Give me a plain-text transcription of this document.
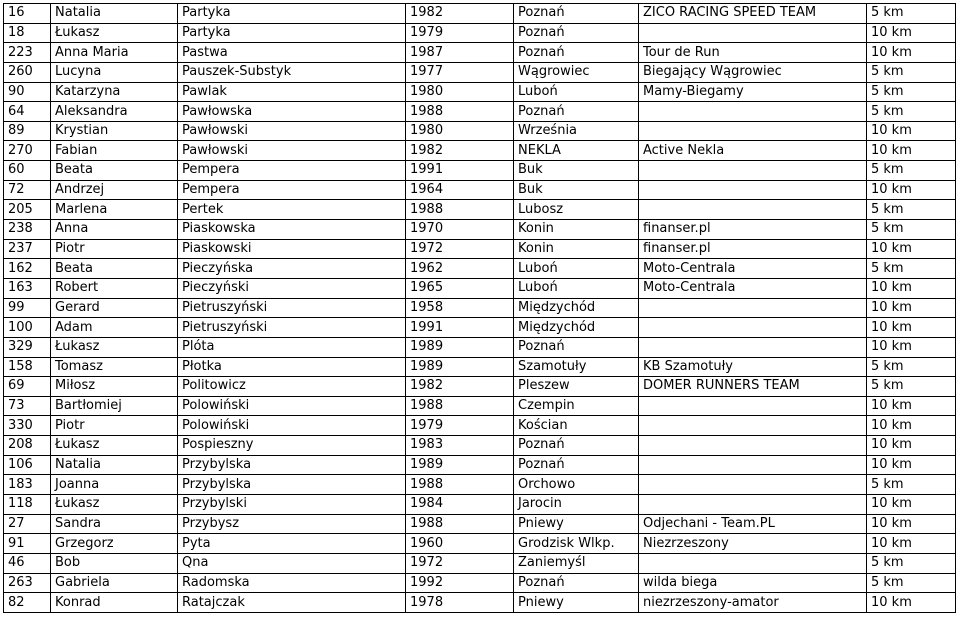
16	Natalia	Partyka	1982	Poznań	ZICO RACING SPEED TEAM	5 km
18	Łukasz	Partyka	1979	Poznań		10 km
223	Anna Maria	Pastwa	1987	Poznań	Tour de Run	10 km
260	Lucyna	Pauszek-Substyk	1977	Wągrowiec	Biegający Wągrowiec	5 km
90	Katarzyna	Pawlak	1980	Luboń	Mamy-Biegamy	5 km
64	Aleksandra	Pawłowska	1988	Poznań		5 km
89	Krystian	Pawłowski	1980	Września		10 km
270	Fabian	Pawłowski	1982	NEKLA	Active Nekla	10 km
60	Beata	Pempera	1991	Buk		5 km
72	Andrzej	Pempera	1964	Buk		10 km
205	Marlena	Pertek	1988	Lubosz		5 km
238	Anna	Piaskowska	1970	Konin	finanser.pl	5 km
237	Piotr	Piaskowski	1972	Konin	finanser.pl	10 km
162	Beata	Pieczyńska	1962	Luboń	Moto-Centrala	5 km
163	Robert	Pieczyński	1965	Luboń	Moto-Centrala	10 km
99	Gerard	Pietruszyński	1958	Międzychód		10 km
100	Adam	Pietruszyński	1991	Międzychód		10 km
329	Łukasz	Plóta	1989	Poznań		10 km
158	Tomasz	Płotka	1989	Szamotuły	KB Szamotuły	5 km
69	Miłosz	Politowicz	1982	Pleszew	DOMER RUNNERS TEAM	5 km
73	Bartłomiej	Polowiński	1988	Czempin		10 km
330	Piotr	Polowiński	1979	Kościan		10 km
208	Łukasz	Pospieszny	1983	Poznań		10 km
106	Natalia	Przybylska	1989	Poznań		10 km
183	Joanna	Przybylska	1988	Orchowo		5 km
118	Łukasz	Przybylski	1984	Jarocin		10 km
27	Sandra	Przybysz	1988	Pniewy	Odjechani - Team.PL	10 km
91	Grzegorz	Pyta	1960	Grodzisk Wlkp.	Niezrzeszony	10 km
46	Bob	Qna	1972	Zaniemyśl		5 km
263	Gabriela	Radomska	1992	Poznań	wilda biega	5 km
82	Konrad	Ratajczak	1978	Pniewy	niezrzeszony-amator	10 km
